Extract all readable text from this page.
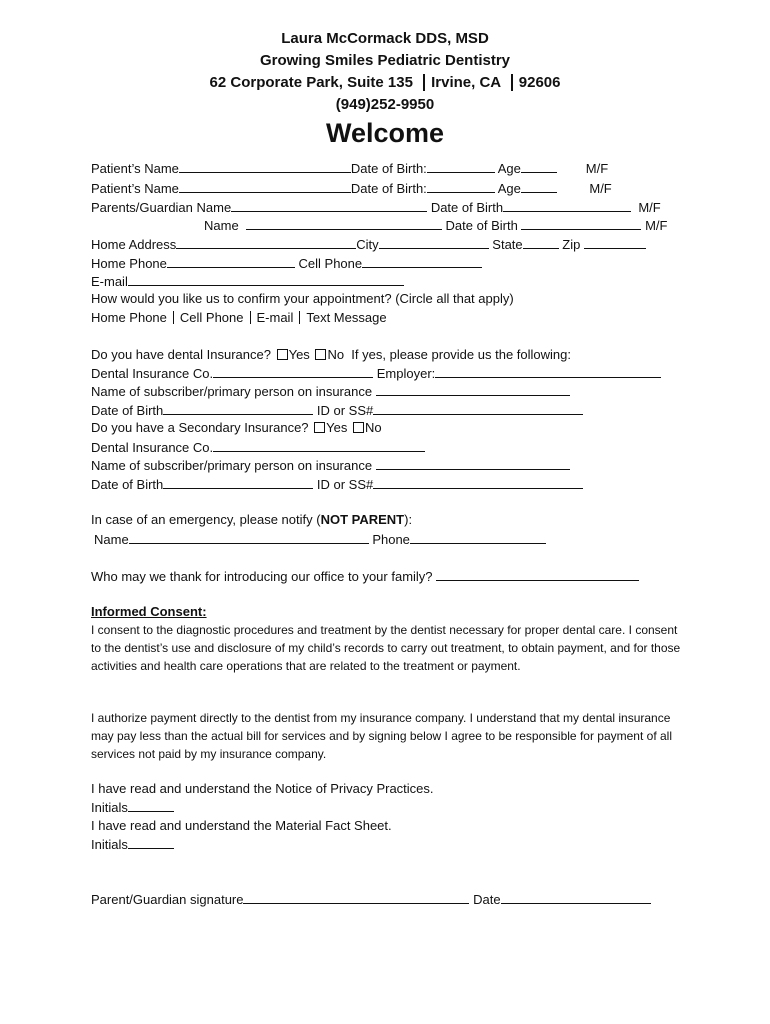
Laura McCormack DDS, MSD
Growing Smiles Pediatric Dentistry
62 Corporate Park, Suite 135 Irvine, CA 92606
(949)252-9950
Welcome
Patient’s Name	Date of Birth:	Age	M/F
Patient’s Name	Date of Birth:	Age	M/F
Parents/Guardian Name	Date of Birth	M/F
Name	Date of Birth	M/F
Home Address	City	State	Zip
Home Phone	Cell Phone
E-mail
How would you like us to confirm your appointment? (Circle all that apply)
Home Phone Cell Phone E-mail Text Message
Do you have dental Insurance? Yes No If yes, please provide us the following:
Dental Insurance Co.	Employer:
Name of subscriber/primary person on insurance
Date of Birth	ID or SS#
Do you have a Secondary Insurance? Yes No
Dental Insurance Co.
Name of subscriber/primary person on insurance
Date of Birth	ID or SS#
In case of an emergency, please notify (NOT PARENT):
Name	Phone
Who may we thank for introducing our office to your family?
Informed Consent:
I consent to the diagnostic procedures and treatment by the dentist necessary for proper dental care. I consent to the dentist’s use and disclosure of my child’s records to carry out treatment, to obtain payment, and for those activities and health care operations that are related to the treatment or payment.
I authorize payment directly to the dentist from my insurance company. I understand that my dental insurance may pay less than the actual bill for services and by signing below I agree to be responsible for payment of all services not paid by my insurance company.
I have read and understand the Notice of Privacy Practices.
Initials
I have read and understand the Material Fact Sheet.
Initials
Parent/Guardian signature	Date
